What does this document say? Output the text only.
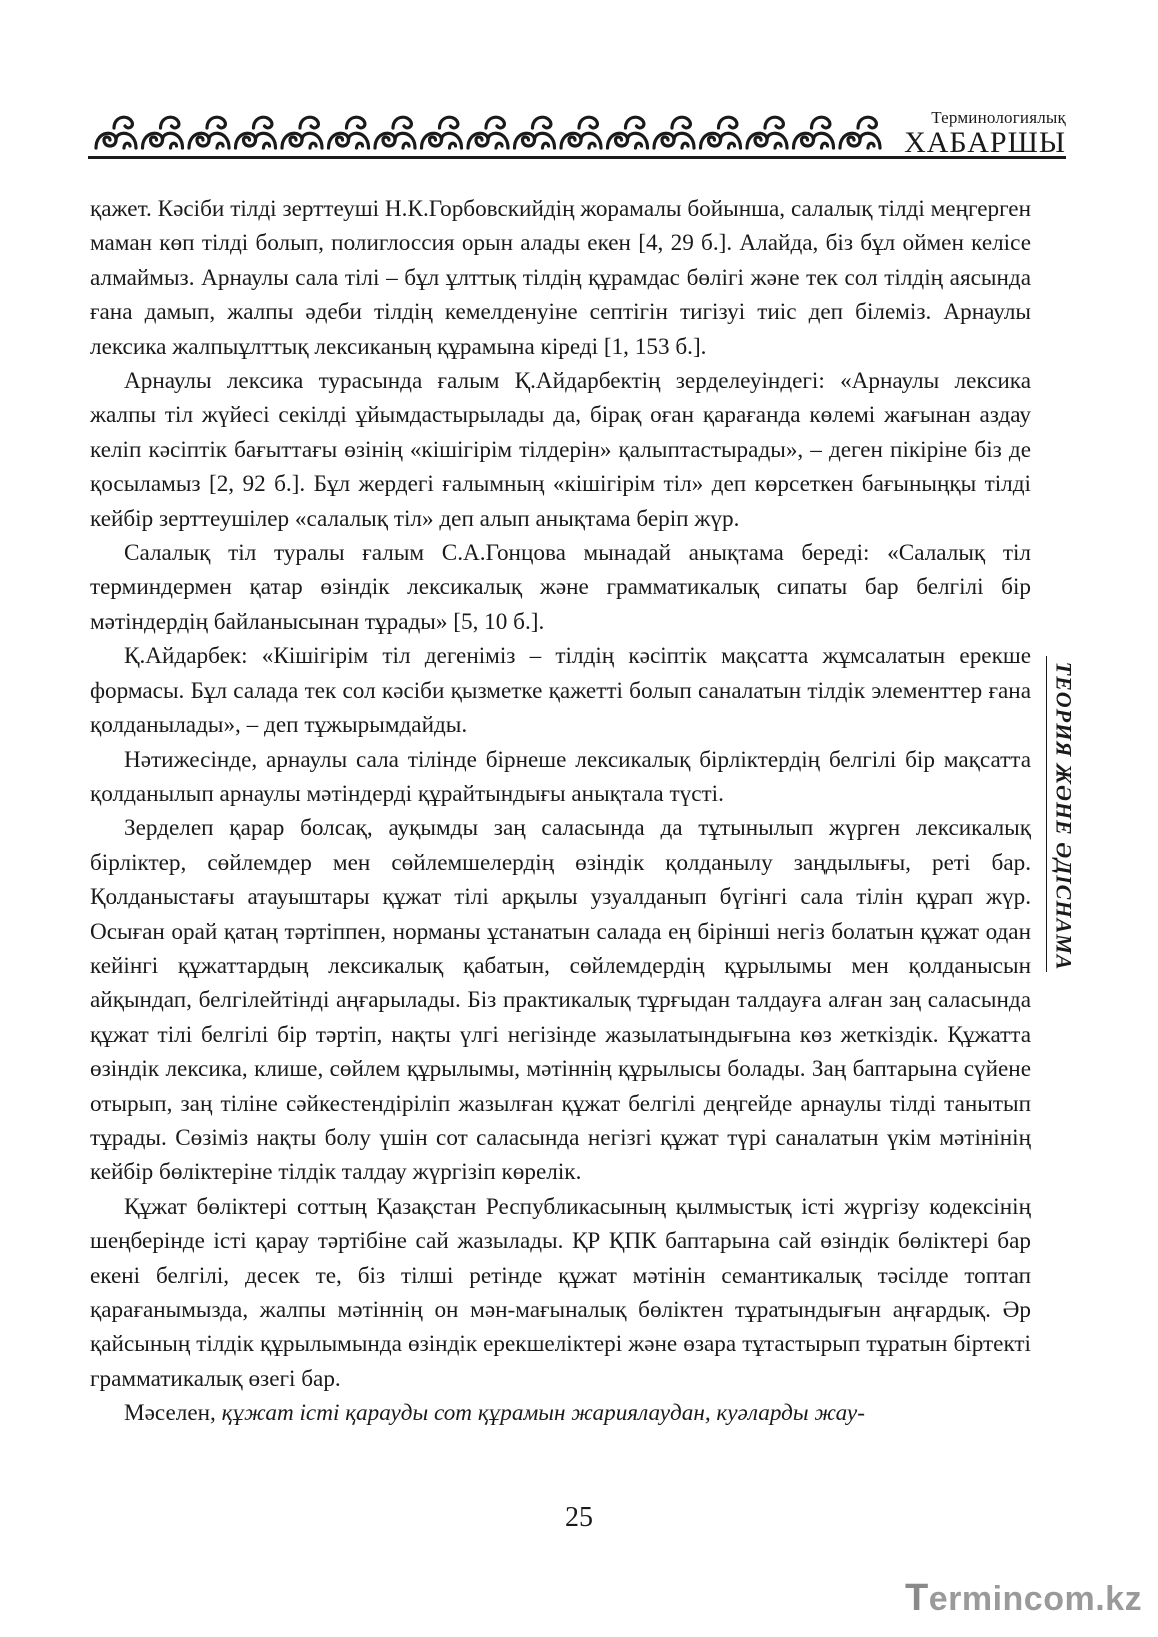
Терминологиялық
ХАБАРШЫ

қажет. Кәсіби тілді зерттеуші Н.К.Горбовскийдің жорамалы бойынша, салалық тілді меңгерген маман көп тілді болып, полиглоссия орын алады екен [4, 29 б.]. Алайда, біз бұл оймен келісе алмаймыз. Арнаулы сала тілі – бұл ұлттық тілдің құрамдас бөлігі және тек сол тілдің аясында ғана дамып, жалпы әдеби тілдің кемелденуіне септігін тигізуі тиіс деп білеміз. Арнаулы лексика жалпыұлттық лексиканың құрамына кіреді [1, 153 б.].

Арнаулы лексика турасында ғалым Қ.Айдарбектің зерделеуіндегі: «Арнаулы лексика жалпы тіл жүйесі секілді ұйымдастырылады да, бірақ оған қарағанда көлемі жағынан аздау келіп кәсіптік бағыттағы өзінің «кішігірім тілдерін» қалыптастырады», – деген пікіріне біз де қосыламыз [2, 92 б.]. Бұл жердегі ғалымның «кішігірім тіл» деп көрсеткен бағыныңқы тілді кейбір зерттеушілер «салалық тіл» деп алып анықтама беріп жүр.

Салалық тіл туралы ғалым С.А.Гонцова мынадай анықтама береді: «Салалық тіл терминдермен қатар өзіндік лексикалық және грамматикалық сипаты бар белгілі бір мәтіндердің байланысынан тұрады» [5, 10 б.].

Қ.Айдарбек: «Кішігірім тіл дегеніміз – тілдің кәсіптік мақсатта жұмсалатын ерекше формасы. Бұл салада тек сол кәсіби қызметке қажетті болып саналатын тілдік элементтер ғана қолданылады», – деп тұжырымдайды.

Нәтижесінде, арнаулы сала тілінде бірнеше лексикалық бірліктердің белгілі бір мақсатта қолданылып арнаулы мәтіндерді құрайтындығы анықтала түсті.

Зерделеп қарар болсақ, ауқымды заң саласында да тұтынылып жүрген лексикалық бірліктер, сөйлемдер мен сөйлемшелердің өзіндік қолданылу заңдылығы, реті бар. Қолданыстағы атауыштары құжат тілі арқылы узуалданып бүгінгі сала тілін құрап жүр. Осыған орай қатаң тәртіппен, норманы ұстанатын салада ең бірінші негіз болатын құжат одан кейінгі құжаттардың лексикалық қабатын, сөйлемдердің құрылымы мен қолданысын айқындап, белгілейтінді аңғарылады. Біз практикалық тұрғыдан талдауға алған заң саласында құжат тілі белгілі бір тәртіп, нақты үлгі негізінде жазылатындығына көз жеткіздік. Құжатта өзіндік лексика, клише, сөйлем құрылымы, мәтіннің құрылысы болады. Заң баптарына сүйене отырып, заң тіліне сәйкестендіріліп жазылған құжат белгілі деңгейде арнаулы тілді танытып тұрады. Сөзіміз нақты болу үшін сот саласында негізгі құжат түрі саналатын үкім мәтінінің кейбір бөліктеріне тілдік талдау жүргізіп көрелік.

Құжат бөліктері соттың Қазақстан Республикасының қылмыстық істі жүргізу кодексінің шеңберінде істі қарау тәртібіне сай жазылады. ҚР ҚПК баптарына сай өзіндік бөліктері бар екені белгілі, десек те, біз тілші ретінде құжат мәтінін семантикалық тәсілде топтап қарағанымызда, жалпы мәтіннің он мән-мағыналық бөліктен тұратындығын аңғардық. Әр қайсының тілдік құрылымында өзіндік ерекшеліктері және өзара тұтастырып тұратын біртекті грамматикалық өзегі бар.

Мәселен, құжат істі қарауды сот құрамын жариялаудан, куәларды жау-

ТЕОРИЯ ЖӘНЕ ӘДІСНАМА
25
Termincom.kz
